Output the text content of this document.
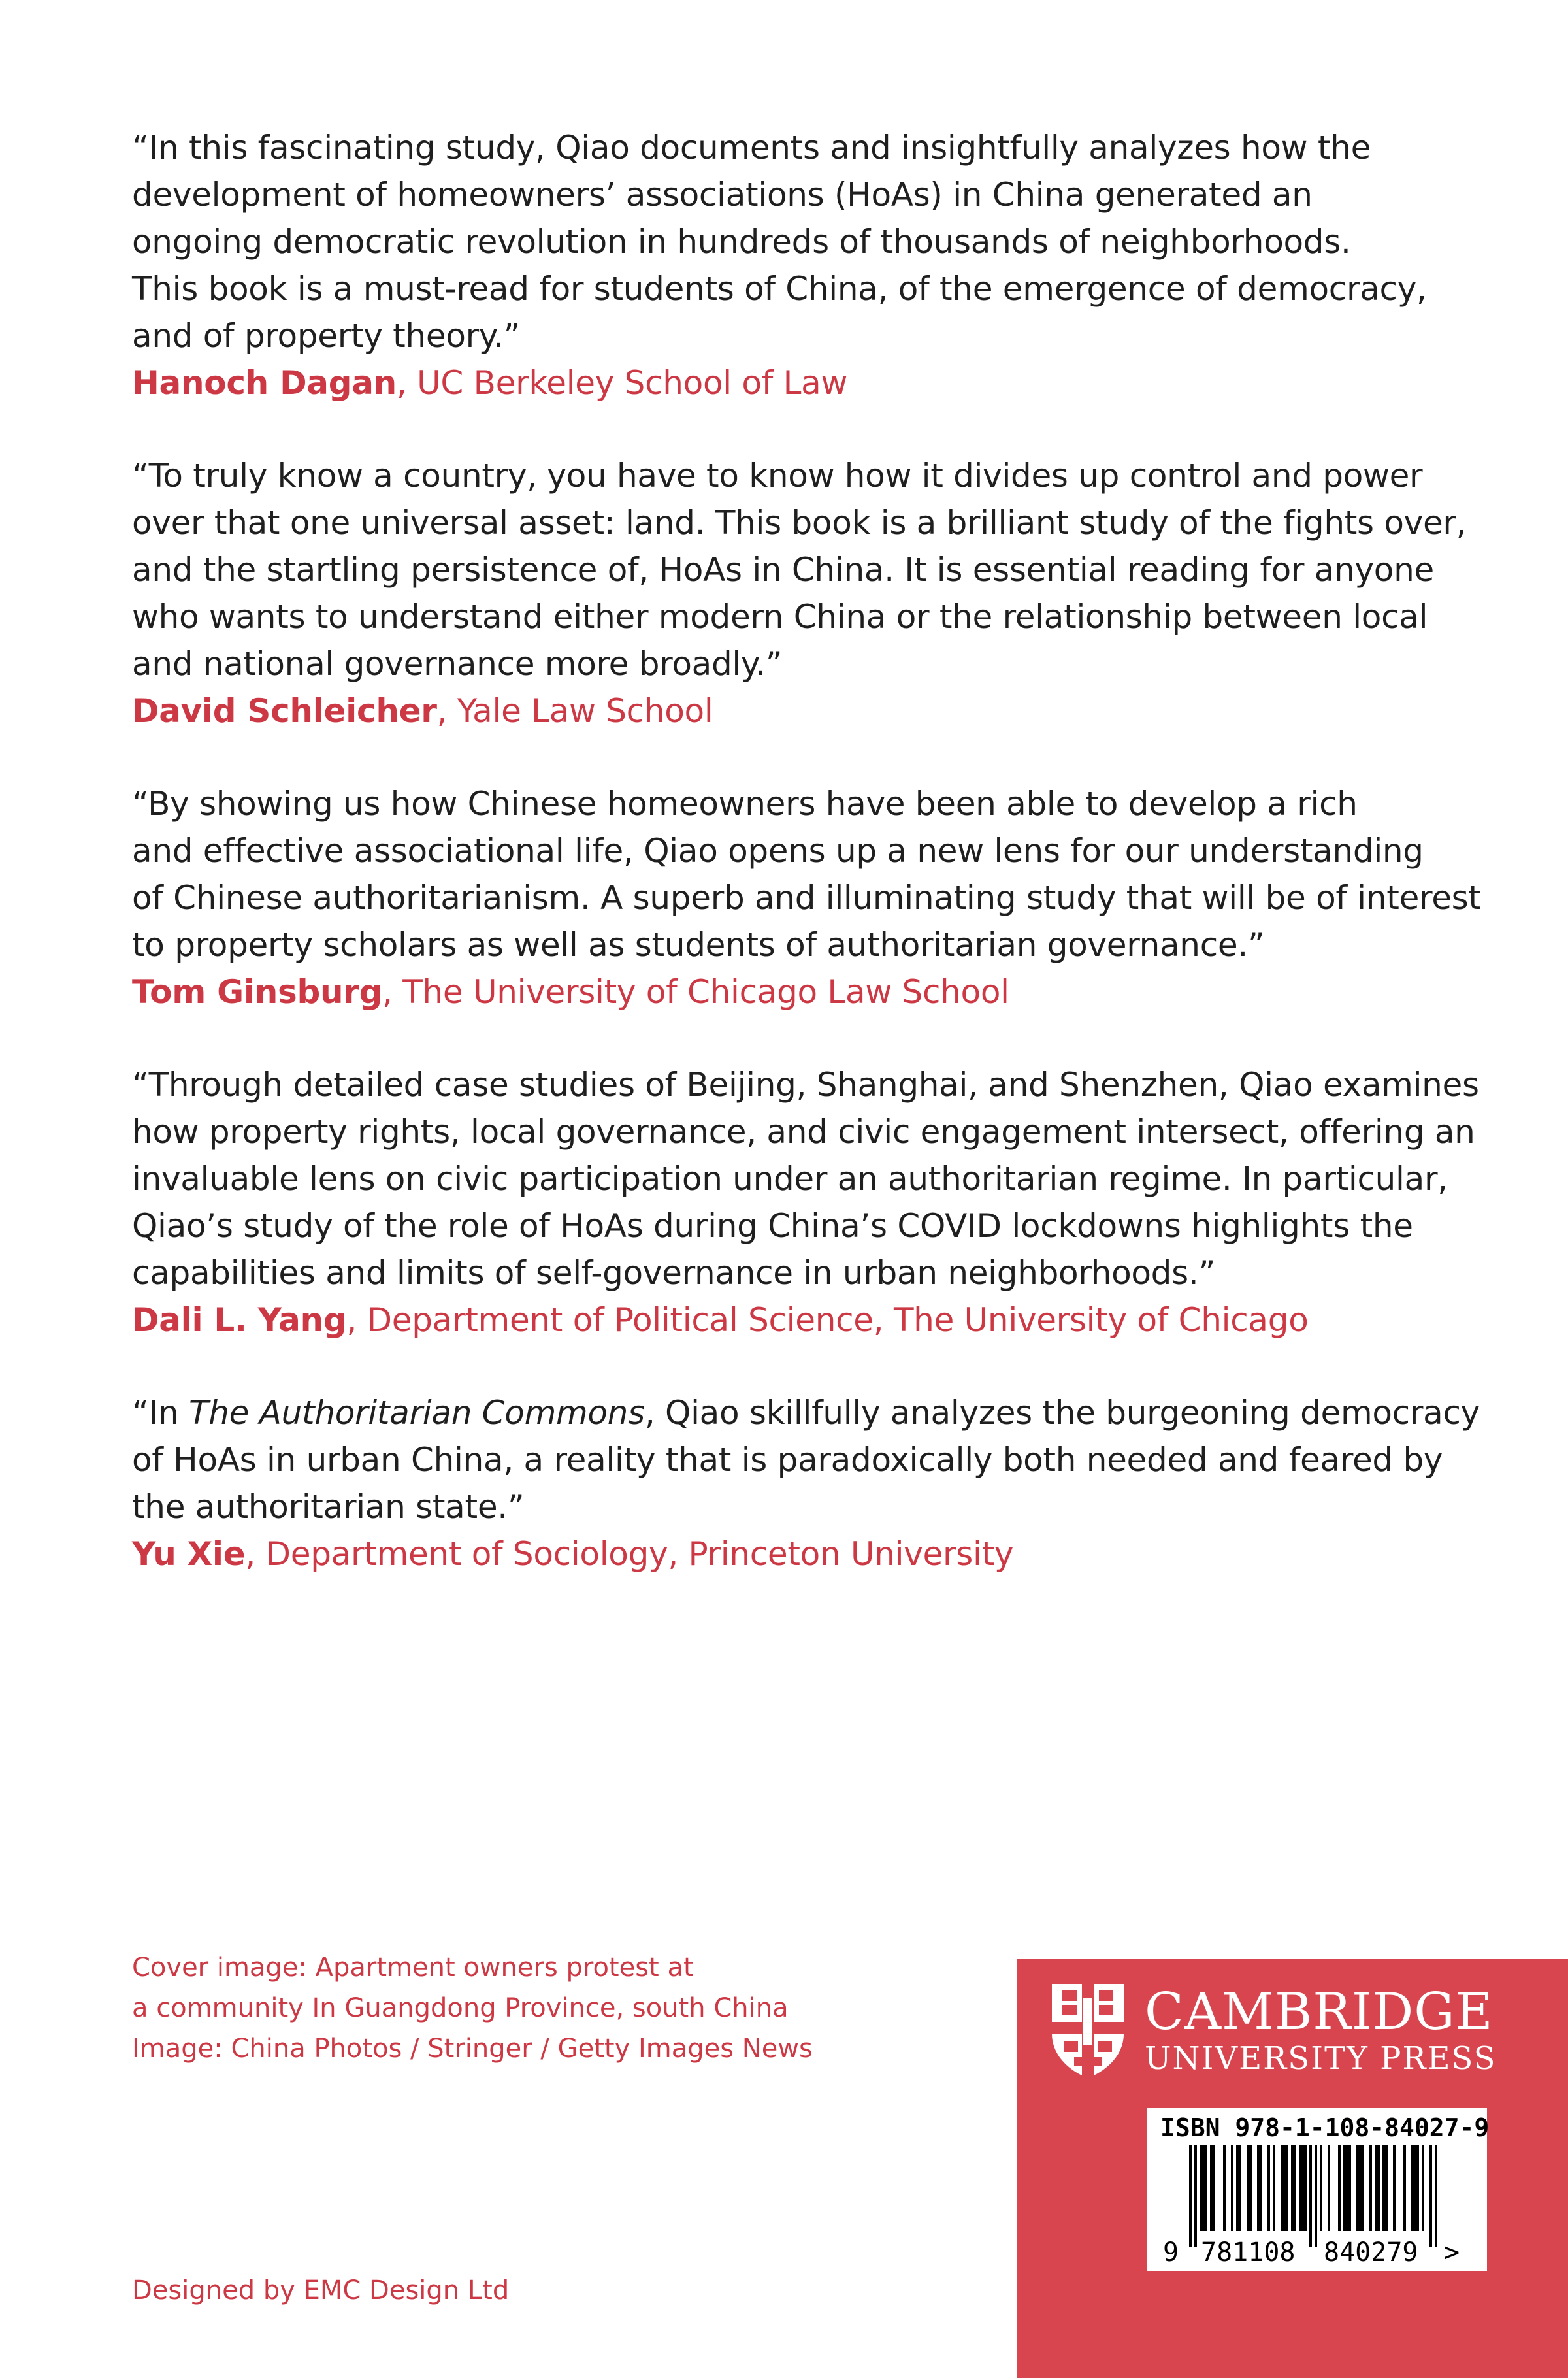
“In this fascinating study, Qiao documents and insightfully analyzes how the
development of homeowners’ associations (HoAs) in China generated an
ongoing democratic revolution in hundreds of thousands of neighborhoods.
This book is a must-read for students of China, of the emergence of democracy,
and of property theory.”

Hanoch Dagan, UC Berkeley School of Law

“To truly know a country, you have to know how it divides up control and power
over that one universal asset: land. This book is a brilliant study of the fights over,
and the startling persistence of, HoAs in China. It is essential reading for anyone
who wants to understand either modern China or the relationship between local
and national governance more broadly.”

David Schleicher, Yale Law School

“By showing us how Chinese homeowners have been able to develop a rich
and effective associational life, Qiao opens up a new lens for our understanding
of Chinese authoritarianism. A superb and illuminating study that will be of interest
to property scholars as well as students of authoritarian governance.”

Tom Ginsburg, The University of Chicago Law School

“Through detailed case studies of Beijing, Shanghai, and Shenzhen, Qiao examines
how property rights, local governance, and civic engagement intersect, offering an
invaluable lens on civic participation under an authoritarian regime. In particular,
Qiao’s study of the role of HoAs during China’s COVID lockdowns highlights the
capabilities and limits of self-governance in urban neighborhoods.”

Dali L. Yang, Department of Political Science, The University of Chicago

“In The Authoritarian Commons, Qiao skillfully analyzes the burgeoning democracy
of HoAs in urban China, a reality that is paradoxically both needed and feared by
the authoritarian state.”

Yu Xie, Department of Sociology, Princeton University

Cover image: Apartment owners protest at
a community In Guangdong Province, south China
Image: China Photos / Stringer / Getty Images News
Designed by EMC Design Ltd
CAMBRIDGE
UNIVERSITY PRESS
ISBN 978-1-108-84027-9
9 781108 840279 >
